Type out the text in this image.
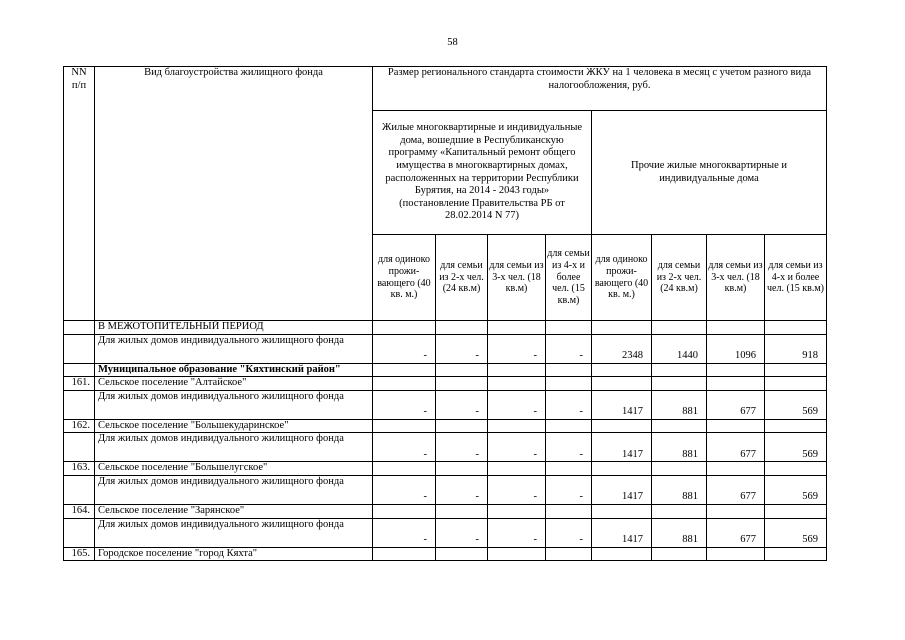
58
NN п/п	Вид благоустройства жилищного фонда	Размер регионального стандарта стоимости ЖКУ на 1 человека в месяц с учетом разного вида налогообложения, руб.							
		Жилые многоквартирные и индивидуальные дома, вошедшие в Республиканскую программу «Капитальный ремонт общего имущества в многоквартирных домах, расположенных на территории Республики Бурятия, на 2014 - 2043 годы» (постановление Правительства РБ от 28.02.2014 N 77)				Прочие жилые многоквартирные и индивидуальные дома			
		для одиноко прожи-вающего (40 кв. м.)	для семьи из 2-х чел. (24 кв.м)	для семьи из 3-х чел. (18 кв.м)	для семьи из 4-х и более чел. (15 кв.м)	для одиноко прожи-вающего (40 кв. м.)	для семьи из 2-х чел. (24 кв.м)	для семьи из 3-х чел. (18 кв.м)	для семьи из 4-х и более чел. (15 кв.м)
	В МЕЖОТОПИТЕЛЬНЫЙ ПЕРИОД								
	Для жилых домов индивидуального жилищного фонда	-	-	-	-	2348	1440	1096	918
	Муниципальное образование "Кяхтинский район"								
161.	Сельское поселение "Алтайское"								
	Для жилых домов индивидуального жилищного фонда	-	-	-	-	1417	881	677	569
162.	Сельское поселение "Большекударинское"								
	Для жилых домов индивидуального жилищного фонда	-	-	-	-	1417	881	677	569
163.	Сельское поселение "Большелугское"								
	Для жилых домов индивидуального жилищного фонда	-	-	-	-	1417	881	677	569
164.	Сельское поселение "Зарянское"								
	Для жилых домов индивидуального жилищного фонда	-	-	-	-	1417	881	677	569
165.	Городское поселение "город Кяхта"								
